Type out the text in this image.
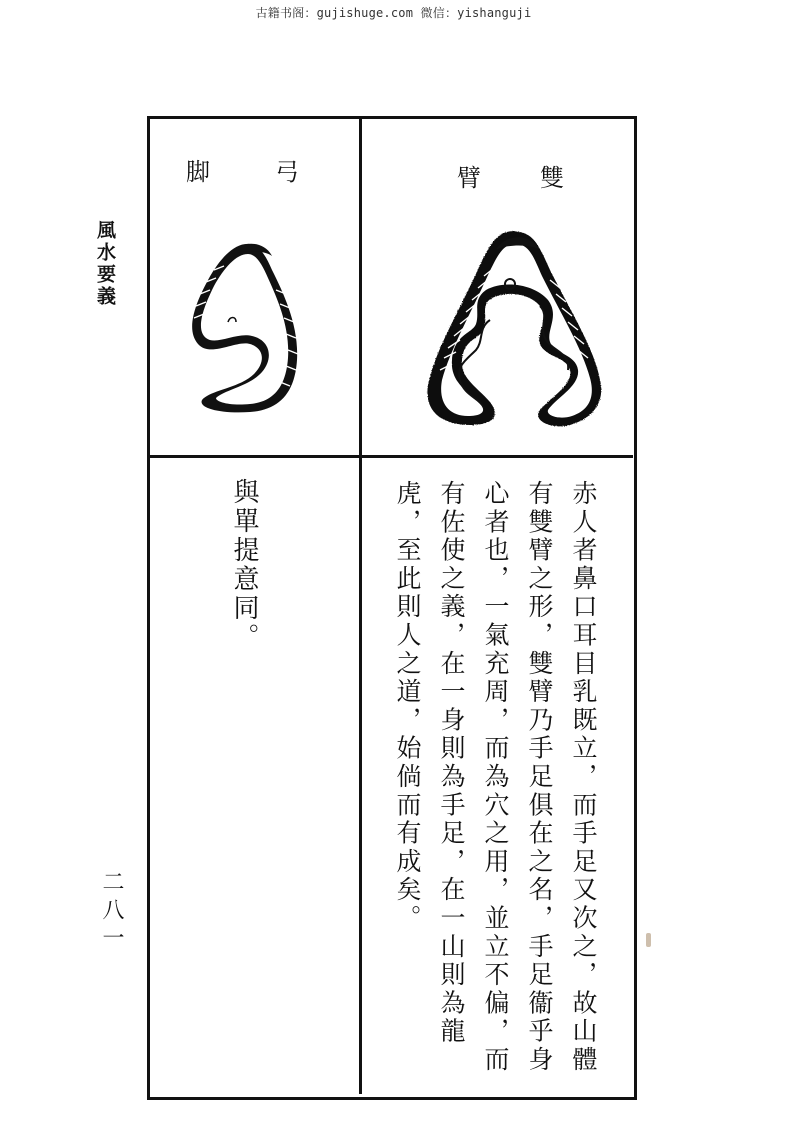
古籍书阁：gujishuge.com 微信：yishanguji
風水要義
二八一
雙
臂
弓
脚
赤人者鼻口耳目乳既立，而手足又次之，故山體有雙臂之形，雙臂乃手足俱在之名，手足衞乎身心者也，一氣充周，而為穴之用，並立不偏，而有佐使之義，在一身則為手足，在一山則為龍虎，至此則人之道，始倘而有成矣。
與單提意同。
